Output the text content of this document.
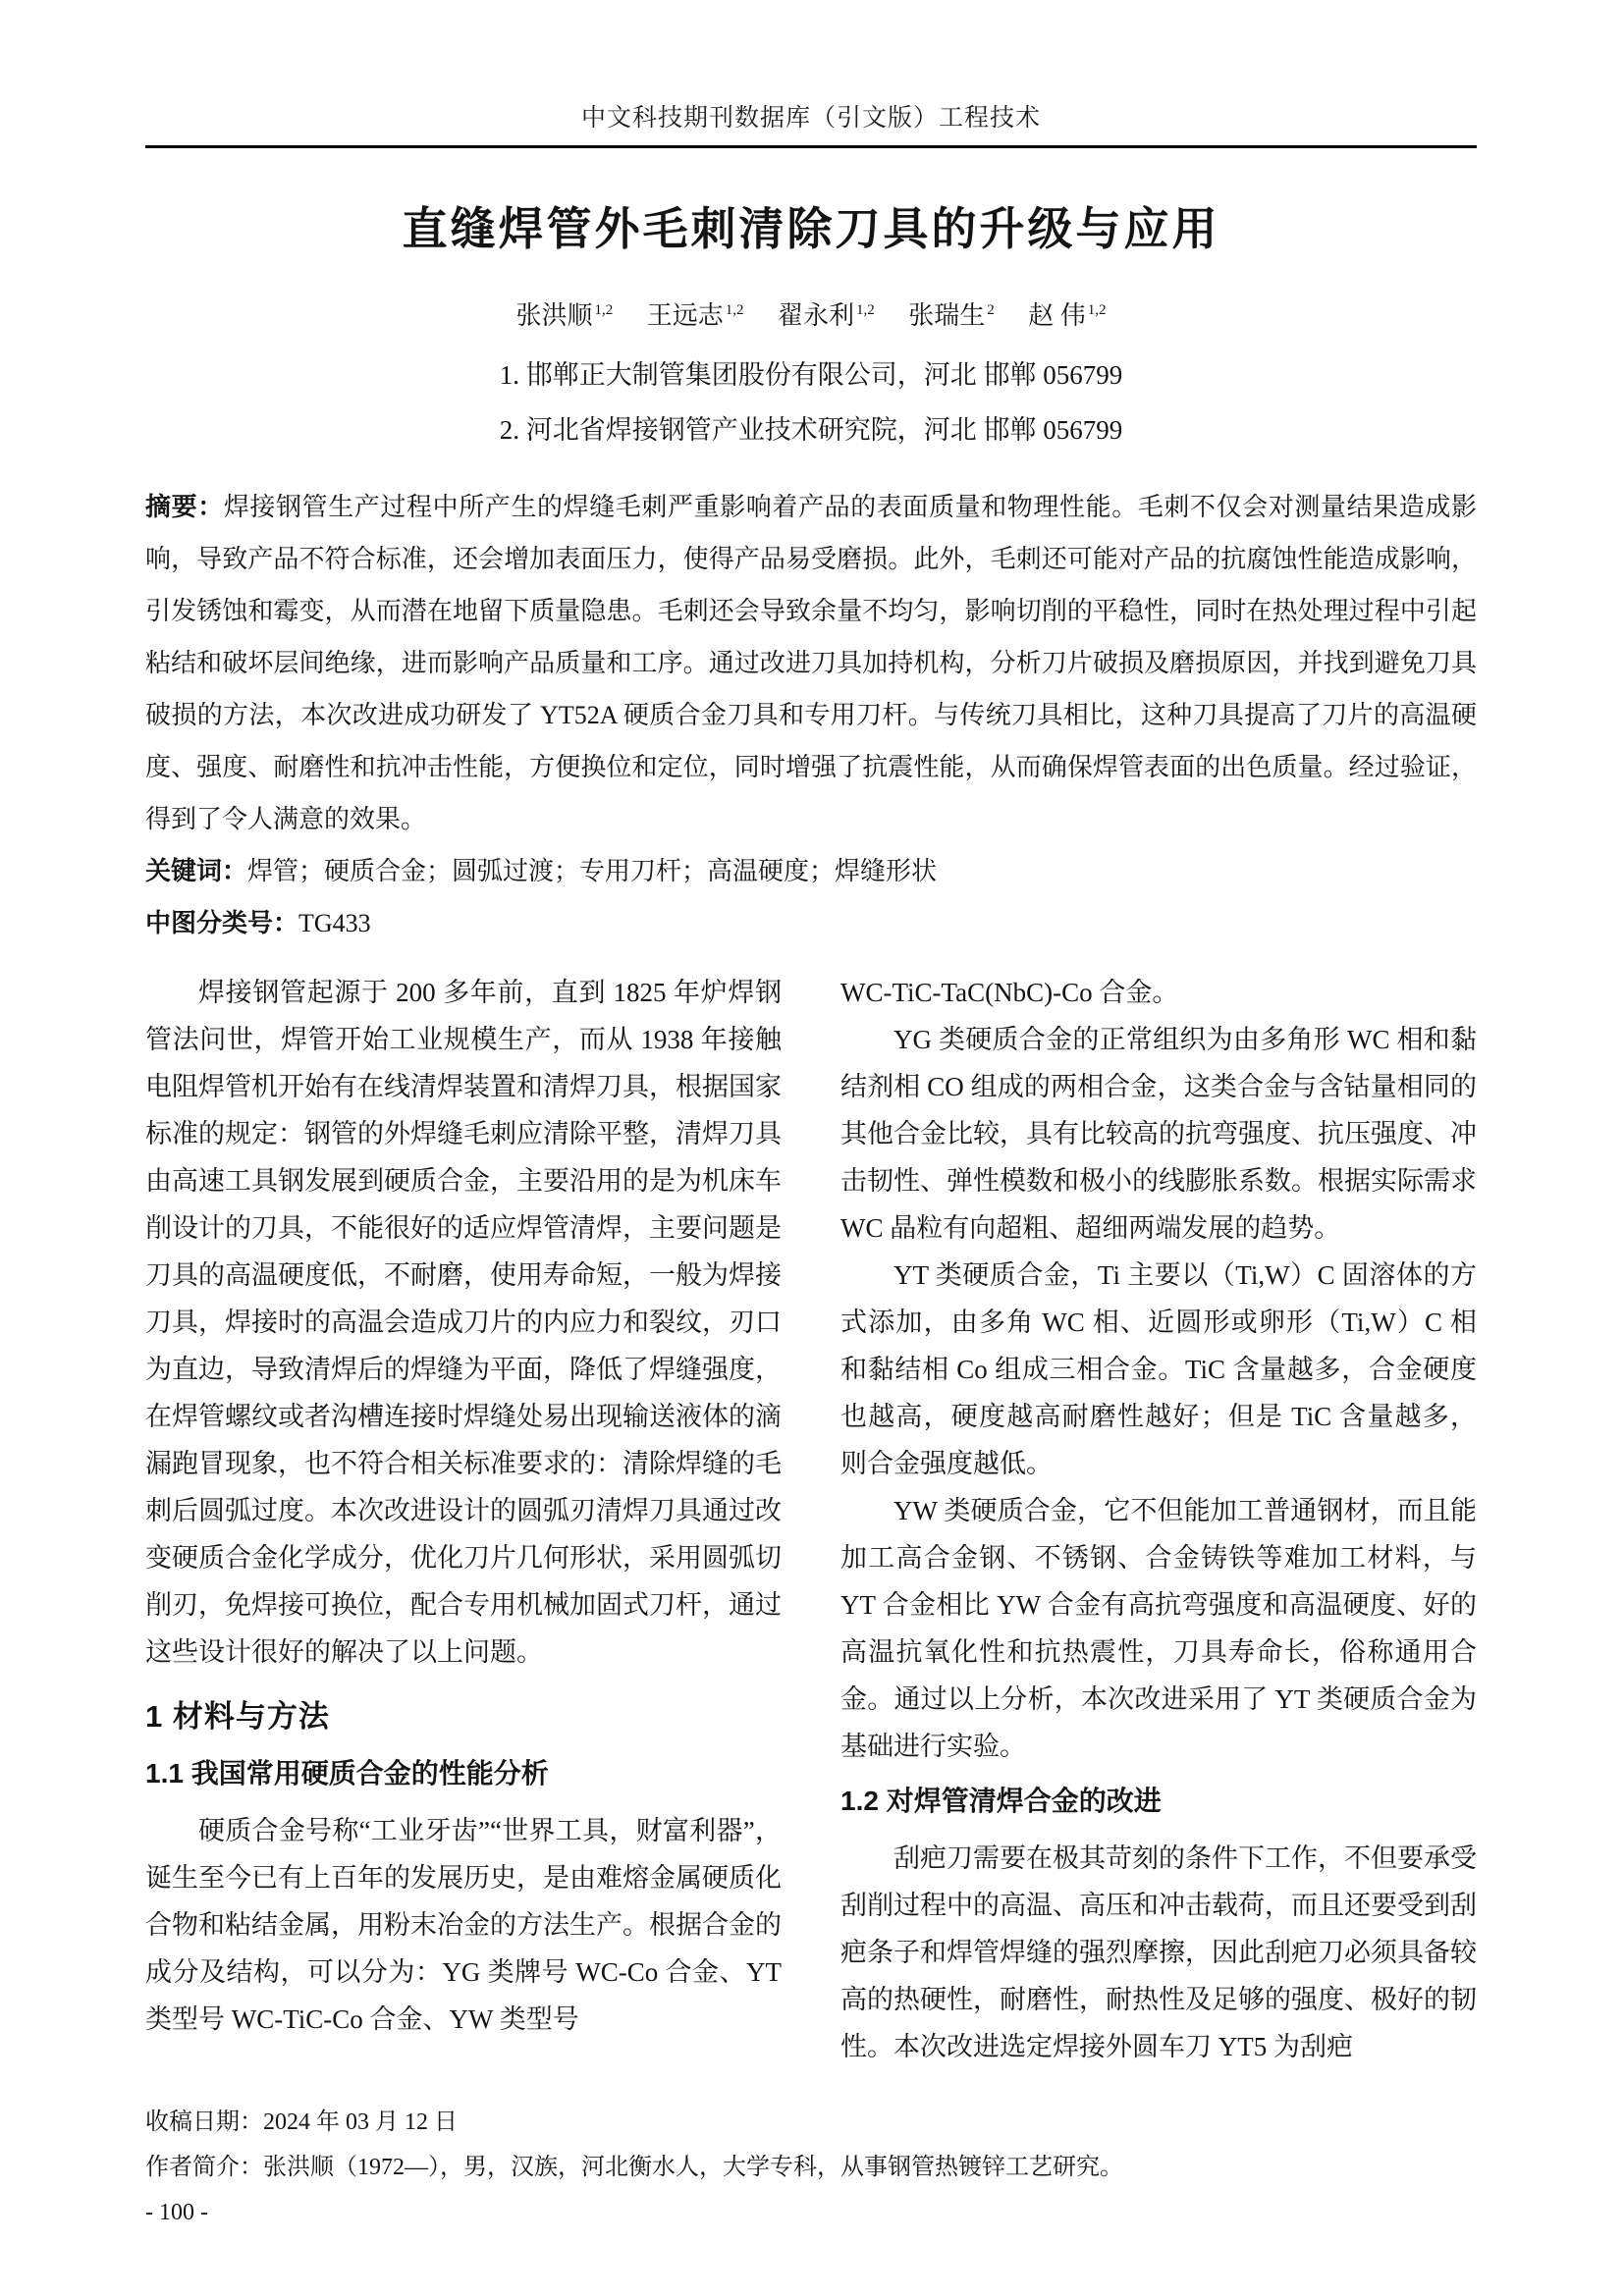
中文科技期刊数据库（引文版）工程技术
直缝焊管外毛刺清除刀具的升级与应用
张洪顺 $^{1,2}$ 王远志 $^{1,2}$ 翟永利 $^{1,2}$ 张瑞生 $^2$ 赵 伟 $^{1,2}$
1. 邯郸正大制管集团股份有限公司，河北 邯郸 056799
2. 河北省焊接钢管产业技术研究院，河北 邯郸 056799
摘要：焊接钢管生产过程中所产生的焊缝毛刺严重影响着产品的表面质量和物理性能。毛刺不仅会对测量结果造成影响，导致产品不符合标准，还会增加表面压力，使得产品易受磨损。此外，毛刺还可能对产品的抗腐蚀性能造成影响，引发锈蚀和霉变，从而潜在地留下质量隐患。毛刺还会导致余量不均匀，影响切削的平稳性，同时在热处理过程中引起粘结和破坏层间绝缘，进而影响产品质量和工序。通过改进刀具加持机构，分析刀片破损及磨损原因，并找到避免刀具破损的方法，本次改进成功研发了 YT52A 硬质合金刀具和专用刀杆。与传统刀具相比，这种刀具提高了刀片的高温硬度、强度、耐磨性和抗冲击性能，方便换位和定位，同时增强了抗震性能，从而确保焊管表面的出色质量。经过验证，得到了令人满意的效果。
关键词：焊管；硬质合金；圆弧过渡；专用刀杆；高温硬度；焊缝形状
中图分类号：TG433

焊接钢管起源于 200 多年前，直到 1825 年炉焊钢管法问世，焊管开始工业规模生产，而从 1938 年接触电阻焊管机开始有在线清焊装置和清焊刀具，根据国家标准的规定：钢管的外焊缝毛刺应清除平整，清焊刀具由高速工具钢发展到硬质合金，主要沿用的是为机床车削设计的刀具，不能很好的适应焊管清焊，主要问题是刀具的高温硬度低，不耐磨，使用寿命短，一般为焊接刀具，焊接时的高温会造成刀片的内应力和裂纹，刃口为直边，导致清焊后的焊缝为平面，降低了焊缝强度，在焊管螺纹或者沟槽连接时焊缝处易出现输送液体的滴漏跑冒现象，也不符合相关标准要求的：清除焊缝的毛刺后圆弧过度。本次改进设计的圆弧刃清焊刀具通过改变硬质合金化学成分，优化刀片几何形状，采用圆弧切削刃，免焊接可换位，配合专用机械加固式刀杆，通过这些设计很好的解决了以上问题。

1 材料与方法
1.1 我国常用硬质合金的性能分析

硬质合金号称“工业牙齿”“世界工具，财富利器”，诞生至今已有上百年的发展历史，是由难熔金属硬质化合物和粘结金属，用粉末冶金的方法生产。根据合金的成分及结构，可以分为：YG 类牌号 WC-Co 合金、YT 类型号 WC-TiC-Co 合金、YW 类型号

WC-TiC-TaC(NbC)-Co 合金。

YG 类硬质合金的正常组织为由多角形 WC 相和黏结剂相 CO 组成的两相合金，这类合金与含钴量相同的其他合金比较，具有比较高的抗弯强度、抗压强度、冲击韧性、弹性模数和极小的线膨胀系数。根据实际需求 WC 晶粒有向超粗、超细两端发展的趋势。

YT 类硬质合金，Ti 主要以（Ti,W）C 固溶体的方式添加，由多角 WC 相、近圆形或卵形（Ti,W）C 相和黏结相 Co 组成三相合金。TiC 含量越多，合金硬度也越高，硬度越高耐磨性越好；但是 TiC 含量越多，则合金强度越低。

YW 类硬质合金，它不但能加工普通钢材，而且能加工高合金钢、不锈钢、合金铸铁等难加工材料，与 YT 合金相比 YW 合金有高抗弯强度和高温硬度、好的高温抗氧化性和抗热震性，刀具寿命长，俗称通用合金。通过以上分析，本次改进采用了 YT 类硬质合金为基础进行实验。

1.2 对焊管清焊合金的改进

刮疤刀需要在极其苛刻的条件下工作，不但要承受刮削过程中的高温、高压和冲击载荷，而且还要受到刮疤条子和焊管焊缝的强烈摩擦，因此刮疤刀必须具备较高的热硬性，耐磨性，耐热性及足够的强度、极好的韧性。本次改进选定焊接外圆车刀 YT5 为刮疤

收稿日期：2024 年 03 月 12 日
作者简介：张洪顺（1972—），男，汉族，河北衡水人，大学专科，从事钢管热镀锌工艺研究。
- 100 -
